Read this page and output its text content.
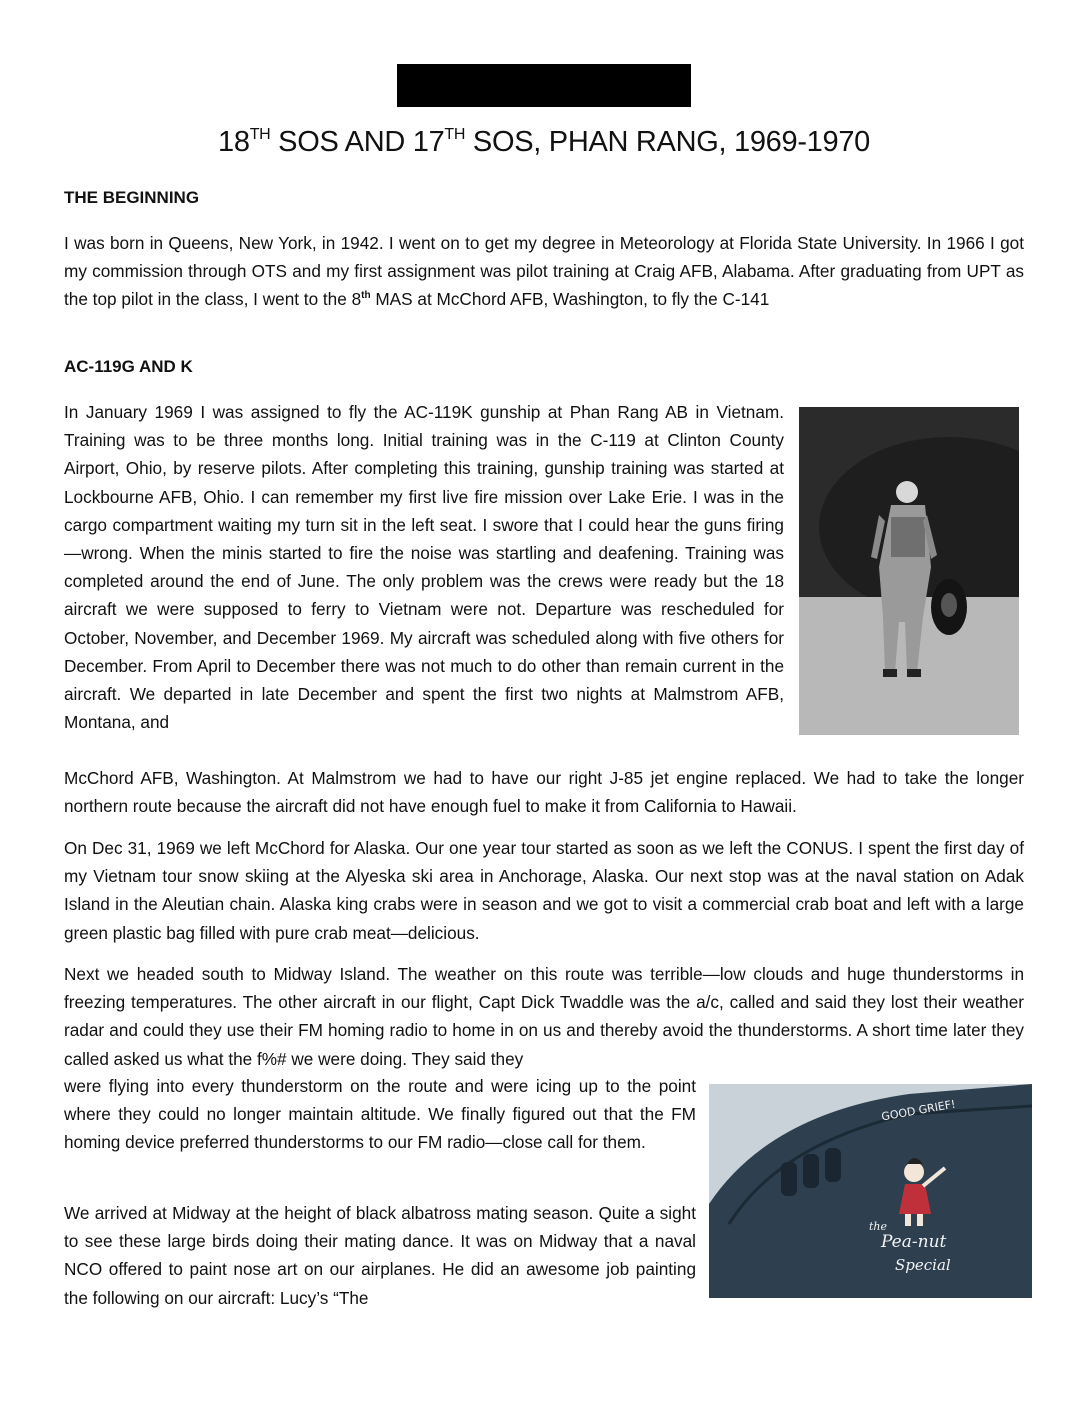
18TH SOS AND 17TH SOS, PHAN RANG, 1969-1970
THE BEGINNING

I was born in Queens, New York, in 1942. I went on to get my degree in Meteorology at Florida State University. In 1966 I got my commission through OTS and my first assignment was pilot training at Craig AFB, Alabama. After graduating from UPT as the top pilot in the class, I went to the 8th MAS at McChord AFB, Washington, to fly the C-141

AC-119G AND K

In January 1969 I was assigned to fly the AC-119K gunship at Phan Rang AB in Vietnam. Training was to be three months long. Initial training was in the C-119 at Clinton County Airport, Ohio, by reserve pilots. After completing this training, gunship training was started at Lockbourne AFB, Ohio. I can remember my first live fire mission over Lake Erie. I was in the cargo compartment waiting my turn sit in the left seat. I swore that I could hear the guns firing—wrong. When the minis started to fire the noise was startling and deafening. Training was completed around the end of June. The only problem was the crews were ready but the 18 aircraft we were supposed to ferry to Vietnam were not. Departure was rescheduled for October, November, and December 1969. My aircraft was scheduled along with five others for December. From April to December there was not much to do other than remain current in the aircraft. We departed in late December and spent the first two nights at Malmstrom AFB, Montana, and

McChord AFB, Washington. At Malmstrom we had to have our right J-85 jet engine replaced. We had to take the longer northern route because the aircraft did not have enough fuel to make it from California to Hawaii.

On Dec 31, 1969 we left McChord for Alaska. Our one year tour started as soon as we left the CONUS. I spent the first day of my Vietnam tour snow skiing at the Alyeska ski area in Anchorage, Alaska. Our next stop was at the naval station on Adak Island in the Aleutian chain. Alaska king crabs were in season and we got to visit a commercial crab boat and left with a large green plastic bag filled with pure crab meat—delicious.

Next we headed south to Midway Island. The weather on this route was terrible—low clouds and huge thunderstorms in freezing temperatures. The other aircraft in our flight, Capt Dick Twaddle was the a/c, called and said they lost their weather radar and could they use their FM homing radio to home in on us and thereby avoid the thunderstorms. A short time later they called asked us what the f%# we were doing. They said they

were flying into every thunderstorm on the route and were icing up to the point where they could no longer maintain altitude. We finally figured out that the FM homing device preferred thunderstorms to our FM radio—close call for them.

We arrived at Midway at the height of black albatross mating season. Quite a sight to see these large birds doing their mating dance. It was on Midway that a naval NCO offered to paint nose art on our airplanes. He did an awesome job painting the following on our aircraft: Lucy’s “The

GOOD GRIEF!
the
Pea-nut
Special
